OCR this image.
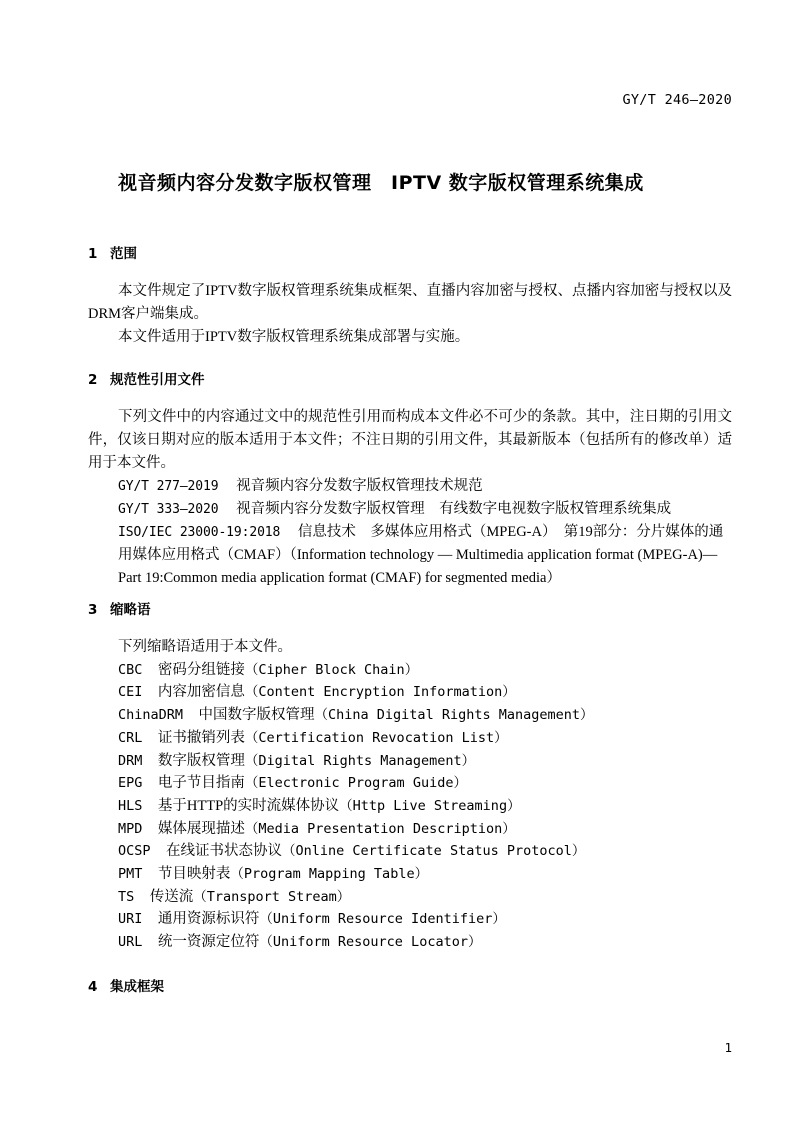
GY/T 246—2020
视音频内容分发数字版权管理　IPTV 数字版权管理系统集成
1 范围
本文件规定了IPTV数字版权管理系统集成框架、直播内容加密与授权、点播内容加密与授权以及DRM客户端集成。
本文件适用于IPTV数字版权管理系统集成部署与实施。
2 规范性引用文件
下列文件中的内容通过文中的规范性引用而构成本文件必不可少的条款。其中，注日期的引用文件，仅该日期对应的版本适用于本文件；不注日期的引用文件，其最新版本（包括所有的修改单）适用于本文件。
GY/T 277—2019 视音频内容分发数字版权管理技术规范
GY/T 333—2020 视音频内容分发数字版权管理　有线数字电视数字版权管理系统集成
ISO/IEC 23000-19:2018 信息技术　多媒体应用格式（MPEG-A）　第19部分：分片媒体的通用媒体应用格式（CMAF）（Information technology — Multimedia application format (MPEG-A)—Part 19:Common media application format (CMAF) for segmented media）
3 缩略语
下列缩略语适用于本文件。
CBC 密码分组链接（Cipher Block Chain）
CEI 内容加密信息（Content Encryption Information）
ChinaDRM 中国数字版权管理（China Digital Rights Management）
CRL 证书撤销列表（Certification Revocation List）
DRM 数字版权管理（Digital Rights Management）
EPG 电子节目指南（Electronic Program Guide）
HLS 基于HTTP的实时流媒体协议（Http Live Streaming）
MPD 媒体展现描述（Media Presentation Description）
OCSP 在线证书状态协议（Online Certificate Status Protocol）
PMT 节目映射表（Program Mapping Table）
TS 传送流（Transport Stream）
URI 通用资源标识符（Uniform Resource Identifier）
URL 统一资源定位符（Uniform Resource Locator）
4 集成框架
1
